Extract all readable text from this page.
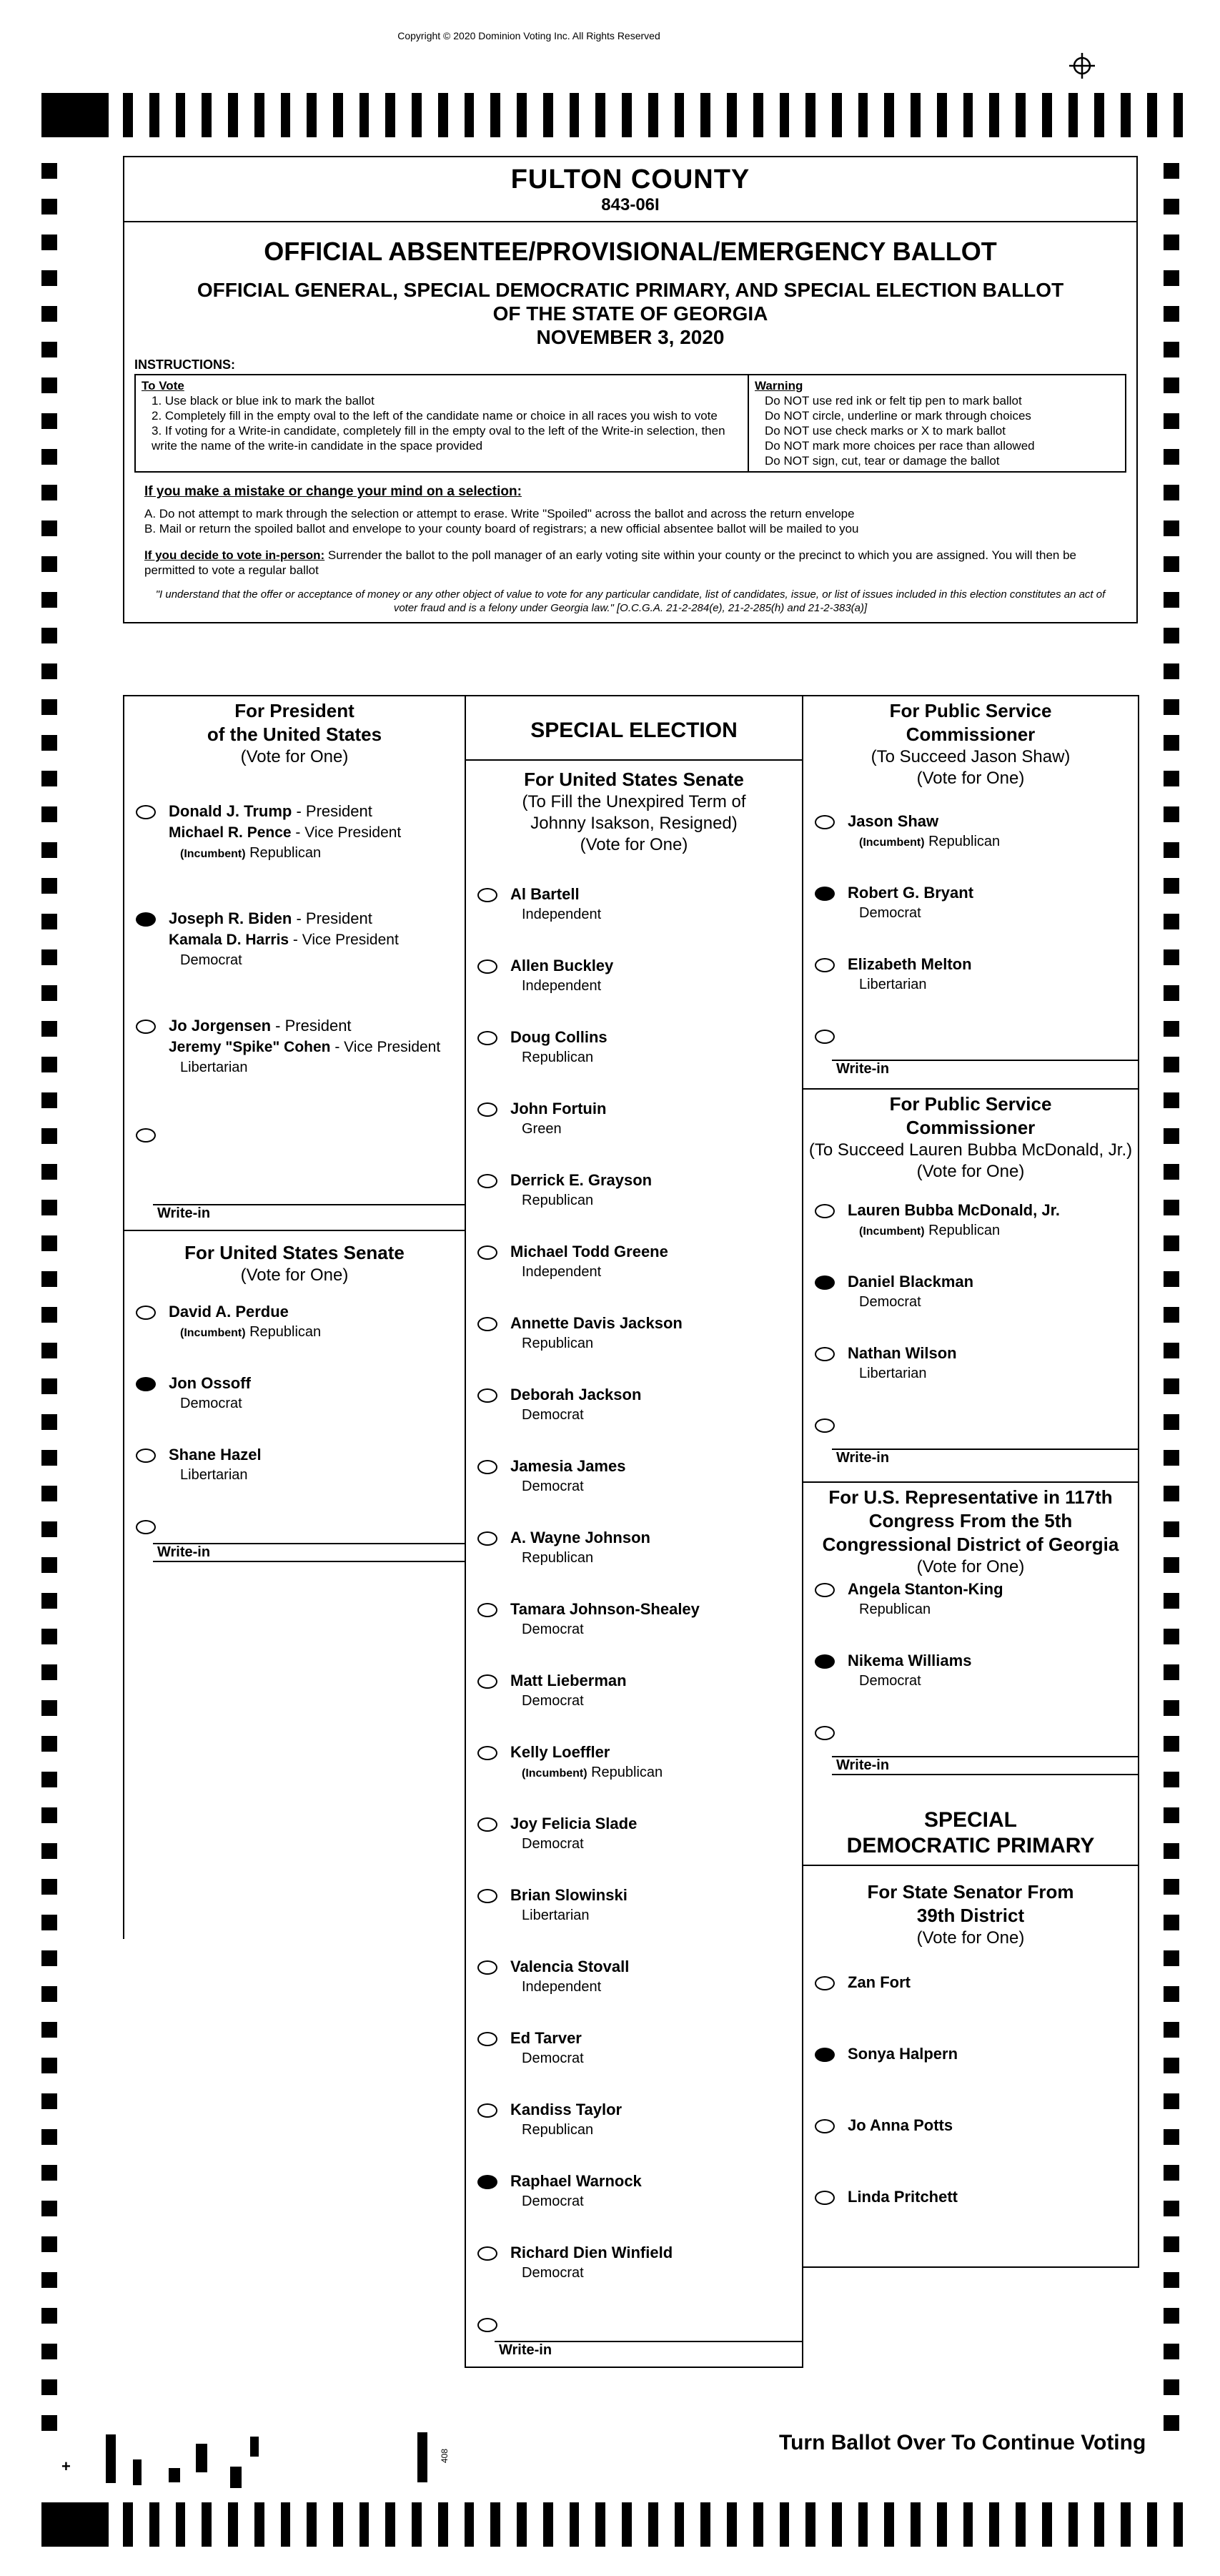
Copyright © 2020 Dominion Voting Inc. All Rights Reserved
FULTON COUNTY
843-06I
OFFICIAL ABSENTEE/PROVISIONAL/EMERGENCY BALLOT
OFFICIAL GENERAL, SPECIAL DEMOCRATIC PRIMARY, AND SPECIAL ELECTION BALLOT
OF THE STATE OF GEORGIA
NOVEMBER 3, 2020
INSTRUCTIONS:
To Vote
1. Use black or blue ink to mark the ballot
2. Completely fill in the empty oval to the left of the candidate name or choice in all races you wish to vote
3. If voting for a Write-in candidate, completely fill in the empty oval to the left of the Write-in selection, then write the name of the write-in candidate in the space provided
Warning
Do NOT use red ink or felt tip pen to mark ballot
Do NOT circle, underline or mark through choices
Do NOT use check marks or X to mark ballot
Do NOT mark more choices per race than allowed
Do NOT sign, cut, tear or damage the ballot
If you make a mistake or change your mind on a selection:
A. Do not attempt to mark through the selection or attempt to erase. Write "Spoiled" across the ballot and across the return envelope
B. Mail or return the spoiled ballot and envelope to your county board of registrars; a new official absentee ballot will be mailed to you
If you decide to vote in-person: Surrender the ballot to the poll manager of an early voting site within your county or the precinct to which you are assigned. You will then be permitted to vote a regular ballot
"I understand that the offer or acceptance of money or any other object of value to vote for any particular candidate, list of candidates, issue, or list of issues included in this election constitutes an act of voter fraud and is a felony under Georgia law." [O.C.G.A. 21-2-284(e), 21-2-285(h) and 21-2-383(a)]
For President
of the United States
(Vote for One)
Donald J. Trump - President
Michael R. Pence - Vice President
(Incumbent) Republican
Joseph R. Biden - President
Kamala D. Harris - Vice President
Democrat
Jo Jorgensen - President
Jeremy "Spike" Cohen - Vice President
Libertarian
Write-in
For United States Senate
(Vote for One)
David A. Perdue
(Incumbent) Republican
Jon Ossoff
Democrat
Shane Hazel
Libertarian
Write-in
SPECIAL ELECTION
For United States Senate
(To Fill the Unexpired Term of
Johnny Isakson, Resigned)
(Vote for One)
Al Bartell
Independent
Allen Buckley
Independent
Doug Collins
Republican
John Fortuin
Green
Derrick E. Grayson
Republican
Michael Todd Greene
Independent
Annette Davis Jackson
Republican
Deborah Jackson
Democrat
Jamesia James
Democrat
A. Wayne Johnson
Republican
Tamara Johnson-Shealey
Democrat
Matt Lieberman
Democrat
Kelly Loeffler
(Incumbent) Republican
Joy Felicia Slade
Democrat
Brian Slowinski
Libertarian
Valencia Stovall
Independent
Ed Tarver
Democrat
Kandiss Taylor
Republican
Raphael Warnock
Democrat
Richard Dien Winfield
Democrat
Write-in
For Public Service
Commissioner
(To Succeed Jason Shaw)
(Vote for One)
Jason Shaw
(Incumbent) Republican
Robert G. Bryant
Democrat
Elizabeth Melton
Libertarian
Write-in
For Public Service
Commissioner
(To Succeed Lauren Bubba McDonald, Jr.)
(Vote for One)
Lauren Bubba McDonald, Jr.
(Incumbent) Republican
Daniel Blackman
Democrat
Nathan Wilson
Libertarian
Write-in
For U.S. Representative in 117th
Congress From the 5th
Congressional District of Georgia
(Vote for One)
Angela Stanton-King
Republican
Nikema Williams
Democrat
Write-in
SPECIAL
DEMOCRATIC PRIMARY
For State Senator From
39th District
(Vote for One)
Zan Fort
Sonya Halpern
Jo Anna Potts
Linda Pritchett
+
408
Turn Ballot Over To Continue Voting
